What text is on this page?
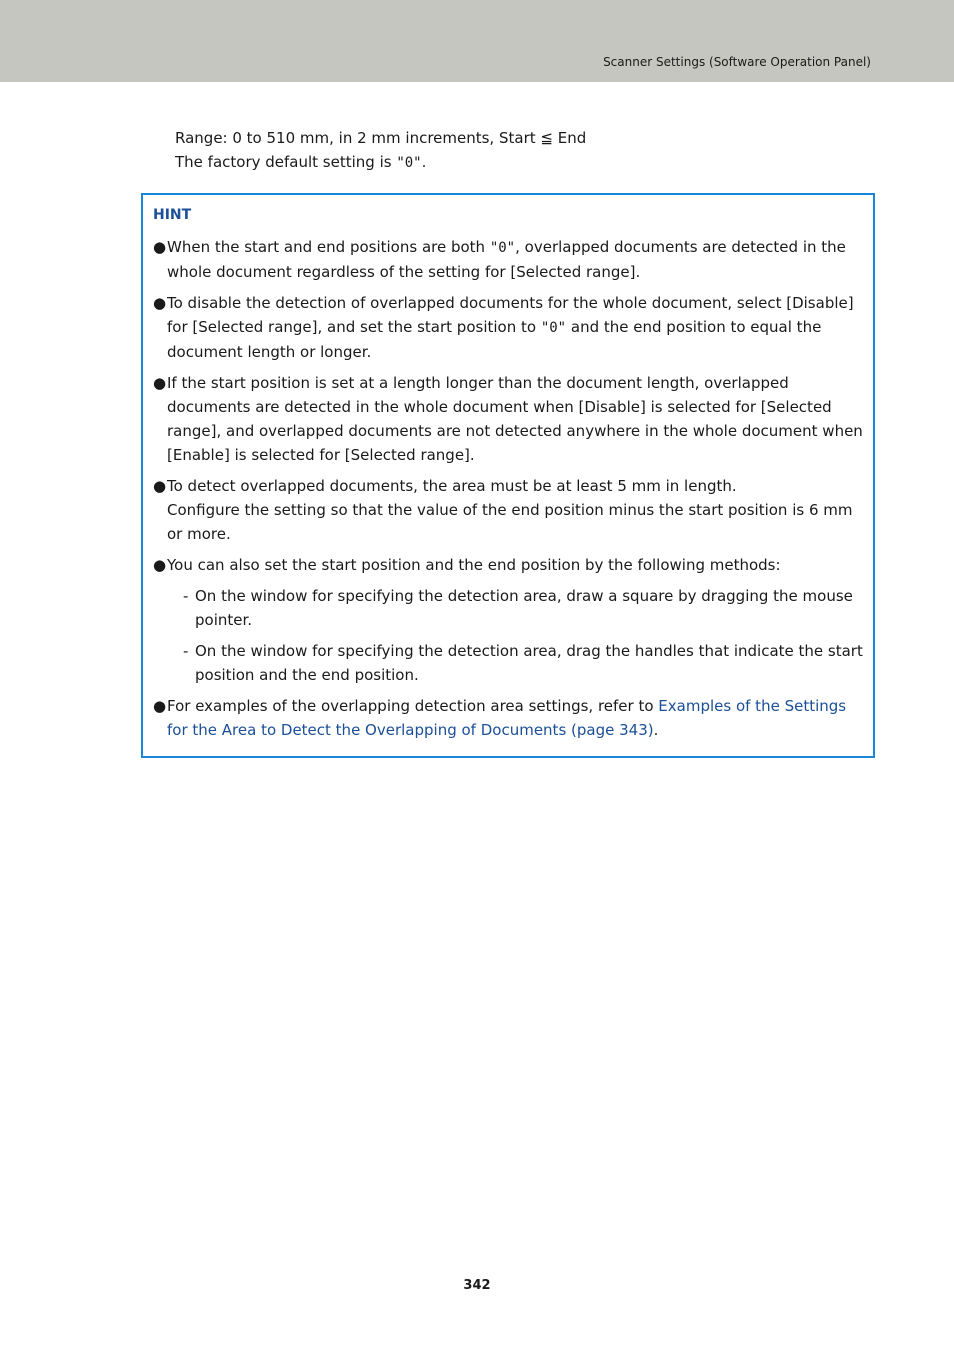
Scanner Settings (Software Operation Panel)
Range: 0 to 510 mm, in 2 mm increments, Start ≦ End
The factory default setting is "0".
HINT
● When the start and end positions are both "0", overlapped documents are detected in the whole document regardless of the setting for [Selected range].
● To disable the detection of overlapped documents for the whole document, select [Disable] for [Selected range], and set the start position to "0" and the end position to equal the document length or longer.
● If the start position is set at a length longer than the document length, overlapped documents are detected in the whole document when [Disable] is selected for [Selected range], and overlapped documents are not detected anywhere in the whole document when [Enable] is selected for [Selected range].
● To detect overlapped documents, the area must be at least 5 mm in length.
Configure the setting so that the value of the end position minus the start position is 6 mm or more.
● You can also set the start position and the end position by the following methods:
- On the window for specifying the detection area, draw a square by dragging the mouse pointer.
- On the window for specifying the detection area, drag the handles that indicate the start position and the end position.
● For examples of the overlapping detection area settings, refer to Examples of the Settings for the Area to Detect the Overlapping of Documents (page 343).
342
